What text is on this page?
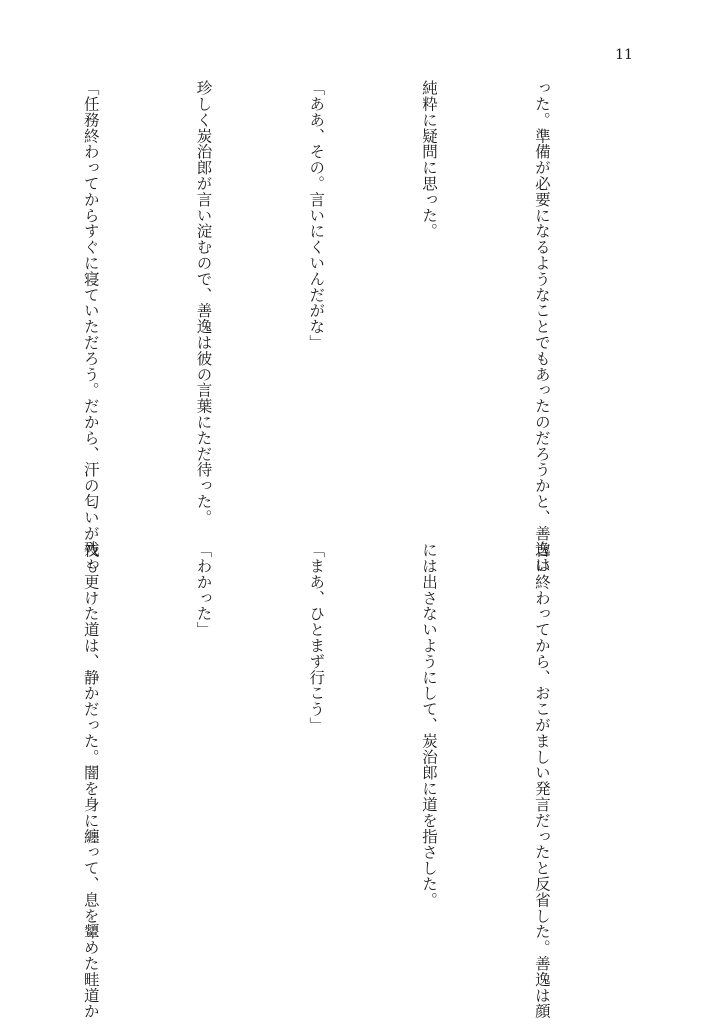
11

った。準備が必要になるようなことでもあったのだろうかと、善逸は

純粋に疑問に思った。

「ああ、その。言いにくいんだがな」

珍しく炭治郎が言い淀むので、善逸は彼の言葉にただ待った。

「任務終わってからすぐに寝ていただろう。だから、汗の匂いが残っ

言い終わってから、おこがましい発言だったと反省した。善逸は顔

には出さないようにして、炭治郎に道を指さした。

「まあ、ひとまず行こう」

「わかった」

夜も更けた道は、静かだった。闇を身に纏って、息を顰めた畦道か
